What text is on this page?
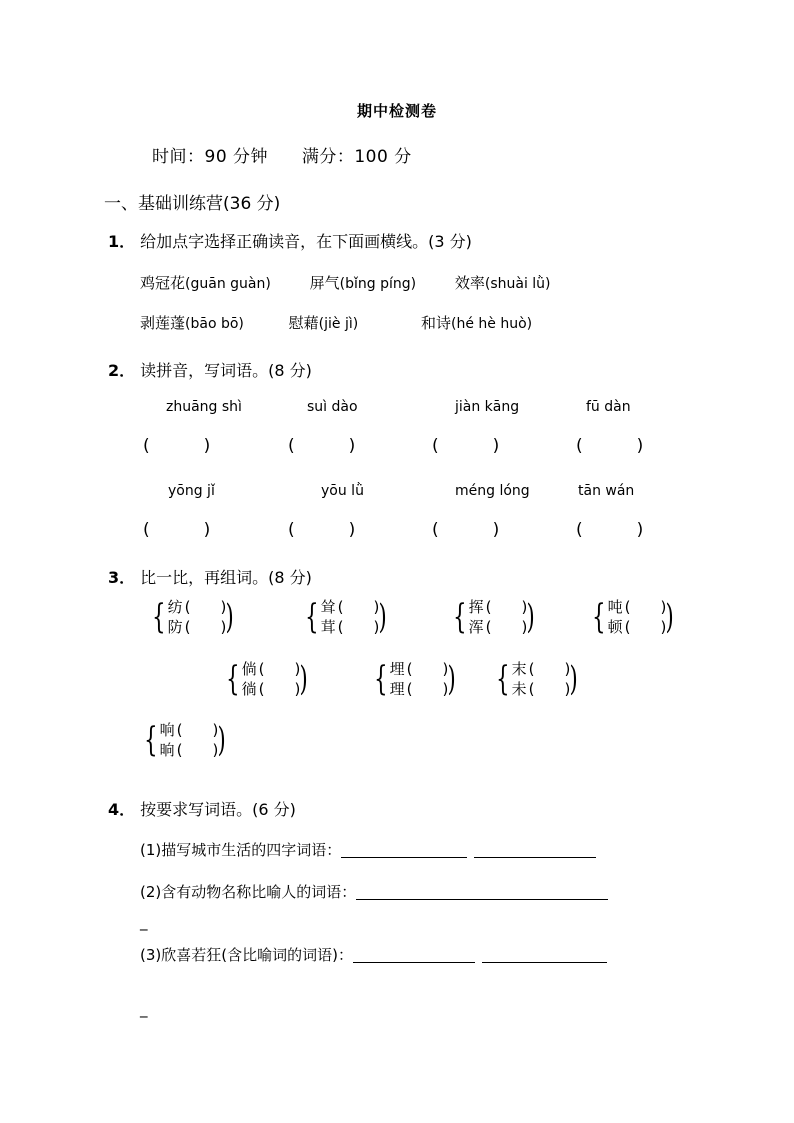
期中检测卷
时间：90 分钟 满分：100 分
一、基础训练营(36 分)
1． 给加点字选择正确读音，在下面画横线。(3 分)
鸡冠花(guān guàn)	屏气(bǐng píng)	效率(shuài lǜ)
剥莲蓬(bāo bō)	慰藉(jiè jì)	和诗(hé hè huò)
2． 读拼音，写词语。(8 分)
zhuāng shì	suì dào	jiàn kāng	fū dàn
(	)	(	)	(	)	(	)
yōng jǐ	yōu lǜ	méng lóng	tān wán
(	)	(	)	(	)	(	)
3． 比一比，再组词。(8 分)
{ 纺 ( )
防 ( ) ) { 耸 ( )
茸 ( ) ) { 挥 ( )
浑 ( ) ) { 吨 ( )
顿 ( ) )
{ 倘 ( )
徜 ( ) ) { 埋 ( )
理 ( ) ) { 末 ( )
未 ( ) )
{ 响 ( )
晌 ( ) )
4． 按要求写词语。(6 分)
(1)描写城市生活的四字词语：
(2)含有动物名称比喻人的词语：
_
(3)欣喜若狂(含比喻词的词语)：
_
